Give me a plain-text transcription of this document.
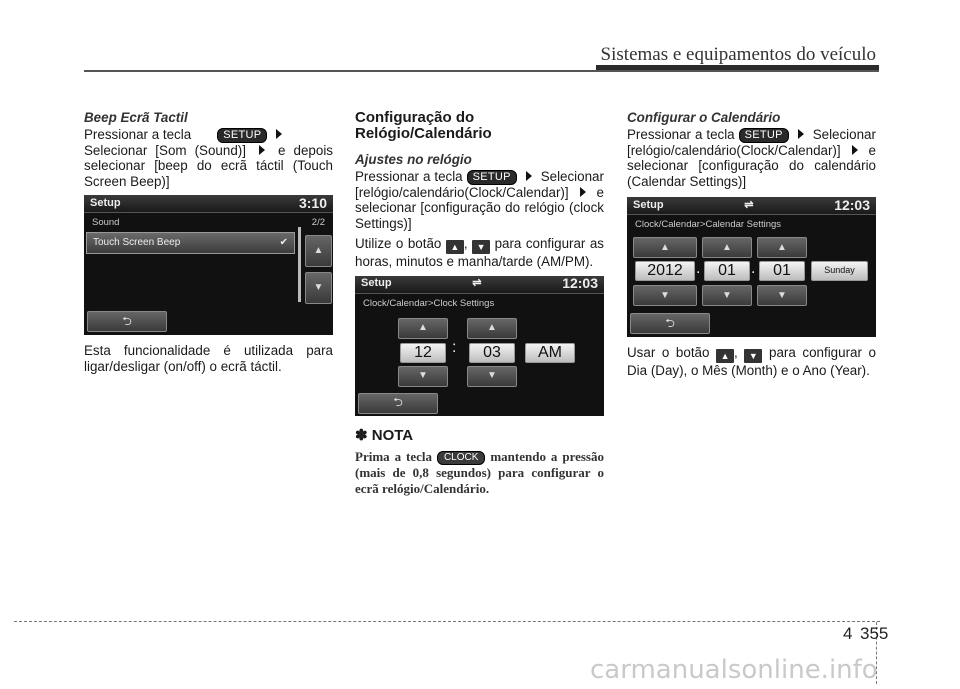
Sistemas e equipamentos do veículo
Beep Ecrã Tactil

Pressionar a tecla	SETUP
Selecionar [Som (Sound)] e depois selecionar [beep do ecrã táctil (Touch Screen Beep)]

Setup	3:10
Sound	2/2
Touch Screen Beep	✔
▲
▼
⮌

Esta funcionalidade é utilizada para ligar/desligar (on/off) o ecrã táctil.

Configuração do Relógio/Calendário
Ajustes no relógio

Pressionar a tecla SETUP Selecionar [relógio/calendário(Clock/Calendar)] e selecionar [configuração do relógio (clock Settings)]

Utilize o botão ▲ , ▼ para configurar as horas, minutos e manha/tarde (AM/PM).

Setup	⇌	12:03
Clock/Calendar>Clock Settings
▲	▲
12	:	03	AM
▼	▼
⮌
✽ NOTA
Prima a tecla CLOCK mantendo a pressão (mais de 0,8 segundos) para configurar o ecrã relógio/Calendário.
Configurar o Calendário

Pressionar a tecla SETUP Selecionar [relógio/calendário(Clock/Calendar)] e selecionar [configuração do calendário (Calendar Settings)]

Setup	⇌	12:03
Clock/Calendar>Calendar Settings
▲	▲	▲
2012 .	01 .	01	Sunday
▼	▼	▼
⮌

Usar o botão ▲ , ▼ para configurar o Dia (Day), o Mês (Month) e o Ano (Year).

4 355
carmanualsonline.info
